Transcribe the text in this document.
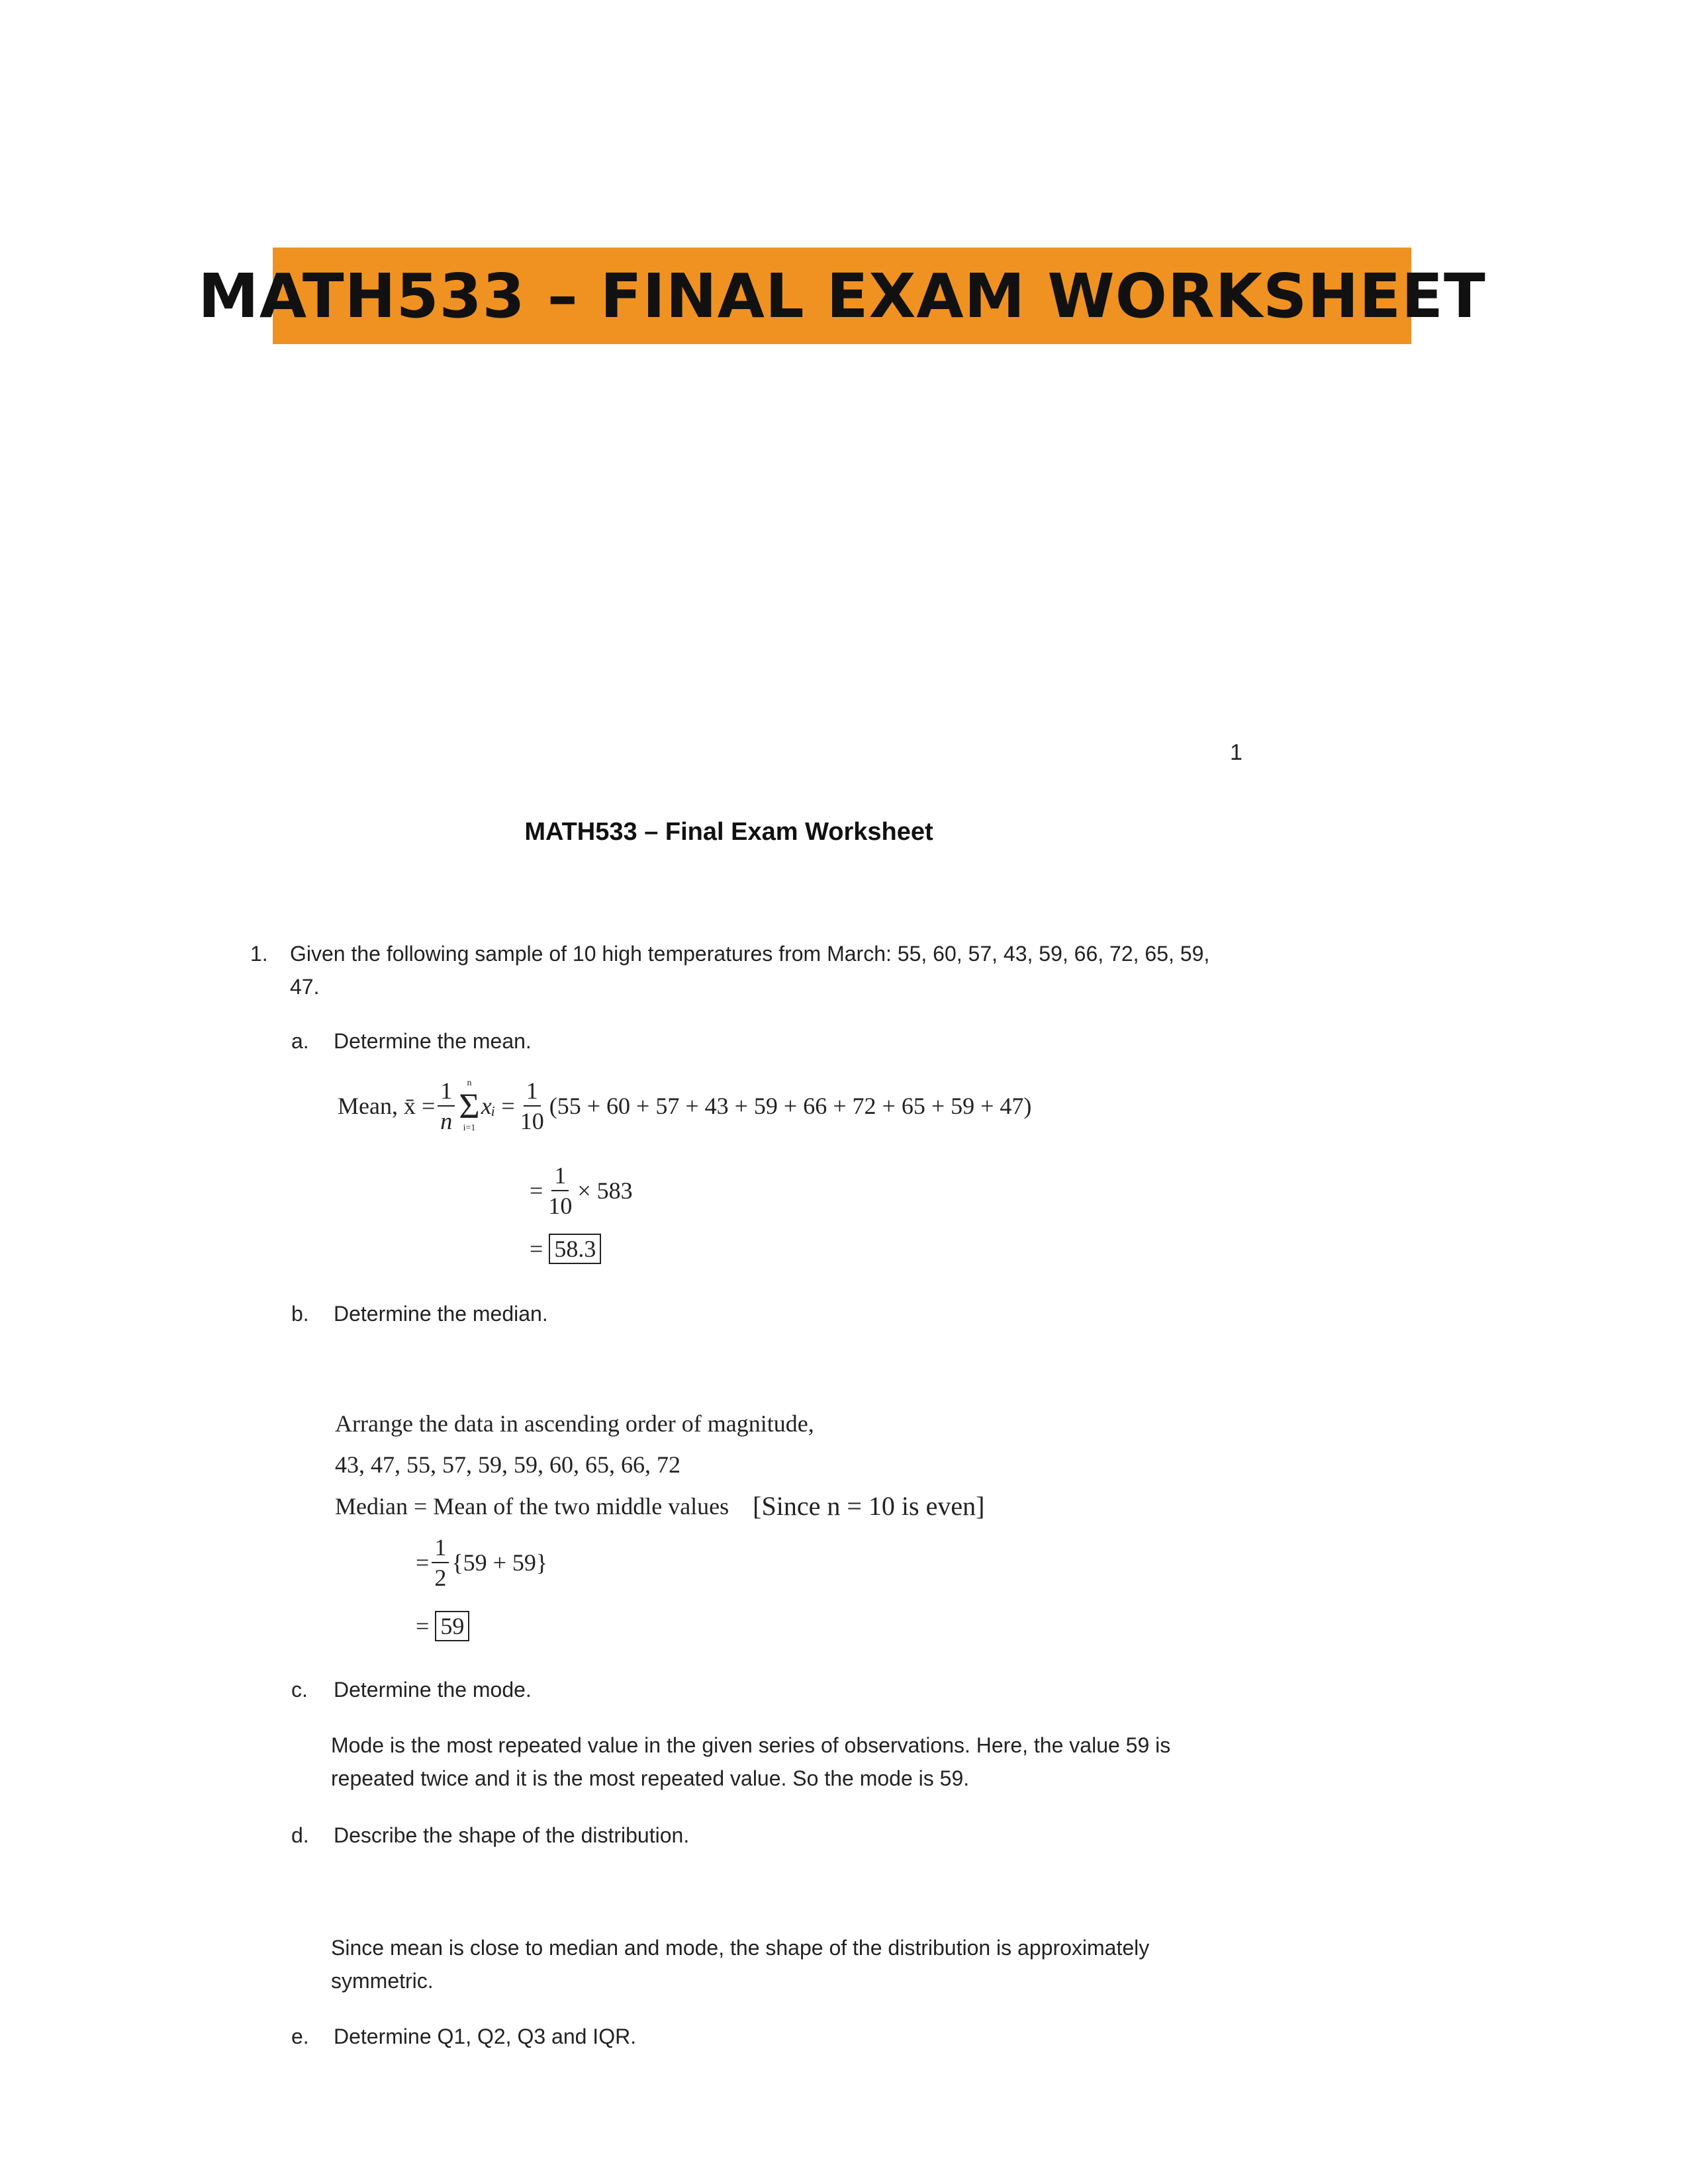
MATH533 – FINAL EXAM WORKSHEET
1
MATH533 – Final Exam Worksheet
1. Given the following sample of 10 high temperatures from March: 55, 60, 57, 43, 59, 66, 72, 65, 59, 47.
a. Determine the mean.
Mean,
x̄
= $\frac{1}{n}$ n
Σ
i=1
xᵢ
= $\frac{1}{10} (55 + 60 + 57 + 43 + 59 + 66 + 72 + 65 + 59 + 47)$
= $\frac{1}{10} \times 583$
=
58.3
b. Determine the median.
Arrange the data in ascending order of magnitude,
43, 47, 55, 57, 59, 59, 60, 65, 66, 72
Median = Mean of the two middle values [Since n = 10 is even]
= $\frac{1}{2} \{59 + 59\}$
=
59
c. Determine the mode.
Mode is the most repeated value in the given series of observations. Here, the value 59 is repeated twice and it is the most repeated value. So the mode is 59.
d. Describe the shape of the distribution.
Since mean is close to median and mode, the shape of the distribution is approximately symmetric.
e. Determine Q1, Q2, Q3 and IQR.
